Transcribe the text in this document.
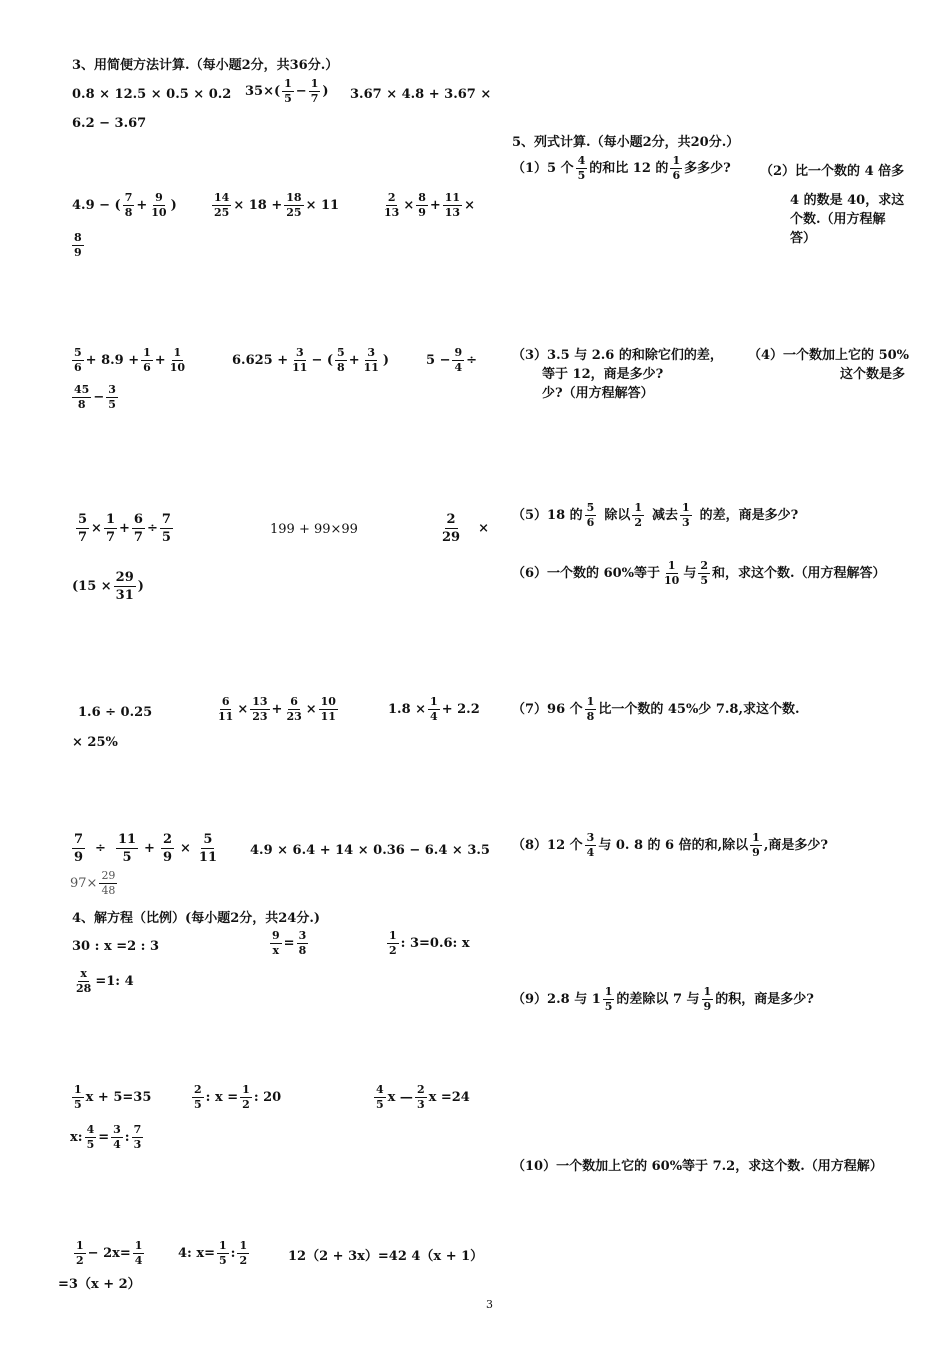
3、用简便方法计算.（每小题2分，共36分.）
0.8 × 12.5 × 0.5 × 0.2 $35\times( \frac{1}{5} - \frac{1}{7}$ ) 3.67 × 4.8 + 3.67 ×
6.2 − 3.67
4.9 − ( $\frac{7}{8} + \frac{9}{10}$ )	$\frac{14}{25} \times 18 + \frac{18}{25} \times 11$	$\frac{2}{13} \times \frac{8}{9} + \frac{11}{13}$ ×
$\frac{8}{9}$
$\frac{5}{6} + 8.9 + \frac{1}{6} + \frac{1}{10}$	$6.625 + \frac{3}{11}$ − ( $\frac{5}{8} + \frac{3}{11}$ )	$5 - \frac{9}{4}$ ÷
$\frac{45}{8} - \frac{3}{5}$
$\frac{5}{7} \times \frac{1}{7} + \frac{6}{7} \div \frac{7}{5}$	199 + 99×99	$\frac{2}{29}$ ×
($15 \times \frac{29}{31}$ )
1.6 ÷ 0.25	$\frac{6}{11} \times \frac{13}{23} + \frac{6}{23} \times \frac{10}{11}$	$1.8 \times \frac{1}{4} + 2.2$
× 25%
$\frac{7}{9} \div \frac{11}{5} + \frac{2}{9} \times \frac{5}{11} 4.9 \times 6.4 + 14 \times 0.36 - 6.4 \times 3.5$
$97\times \frac{29}{48}$
4、解方程（比例）(每小题2分，共24分.)
30 : x =2 : 3	$\frac{9}{x} = \frac{3}{8}$	$\frac{1}{2}$ : 3=0.6: x
$\frac{x}{28} =1$: 4
$\frac{1}{5}$ x + 5=35	$\frac{2}{5}$ : $x = \frac{1}{2}$ : 20	$\frac{4}{5}$ x — $\frac{2}{3}$ x =24
x: $\frac{4}{5} = \frac{3}{4}$ : $\frac{7}{3}$
$\frac{1}{2} - 2x= \frac{1}{4}$	4: $x= \frac{1}{5}$ : $\frac{1}{2}$	12（2 + 3x）=42 4（x + 1）
=3（x + 2）
5、列式计算.（每小题2分，共20分.）
（1）5 个 $\frac{4}{5}$ 的和比 12 的 $\frac{1}{6}$ 多多少? （2）比一个数的 4 倍多
4 的数是 40，求这
个数.（用方程解
答）
（3）3.5 与 2.6 的和除它们的差，
等于 12，商是多少?
少?（用方程解答）
（4）一个数加上它的 50%
这个数是多
（5）18 的 $\frac{5}{6}$ 除以 $\frac{1}{2}$ 减去 $\frac{1}{3}$ 的差，商是多少?
（6）一个数的 60%等于 $\frac{1}{10}$ 与 $\frac{2}{5}$ 和，求这个数.（用方程解答）
（7）96 个 $\frac{1}{8}$ 比一个数的 45%少 7.8,求这个数.
（8）12 个 $\frac{3}{4}$ 与 0. 8 的 6 倍的和,除以 $\frac{1}{9}$ ,商是多少?
（9）2.8 与 $1 \frac{1}{5}$ 的差除以 7 与 $\frac{1}{9}$ 的积，商是多少?
（10）一个数加上它的 60%等于 7.2，求这个数.（用方程解）
3
